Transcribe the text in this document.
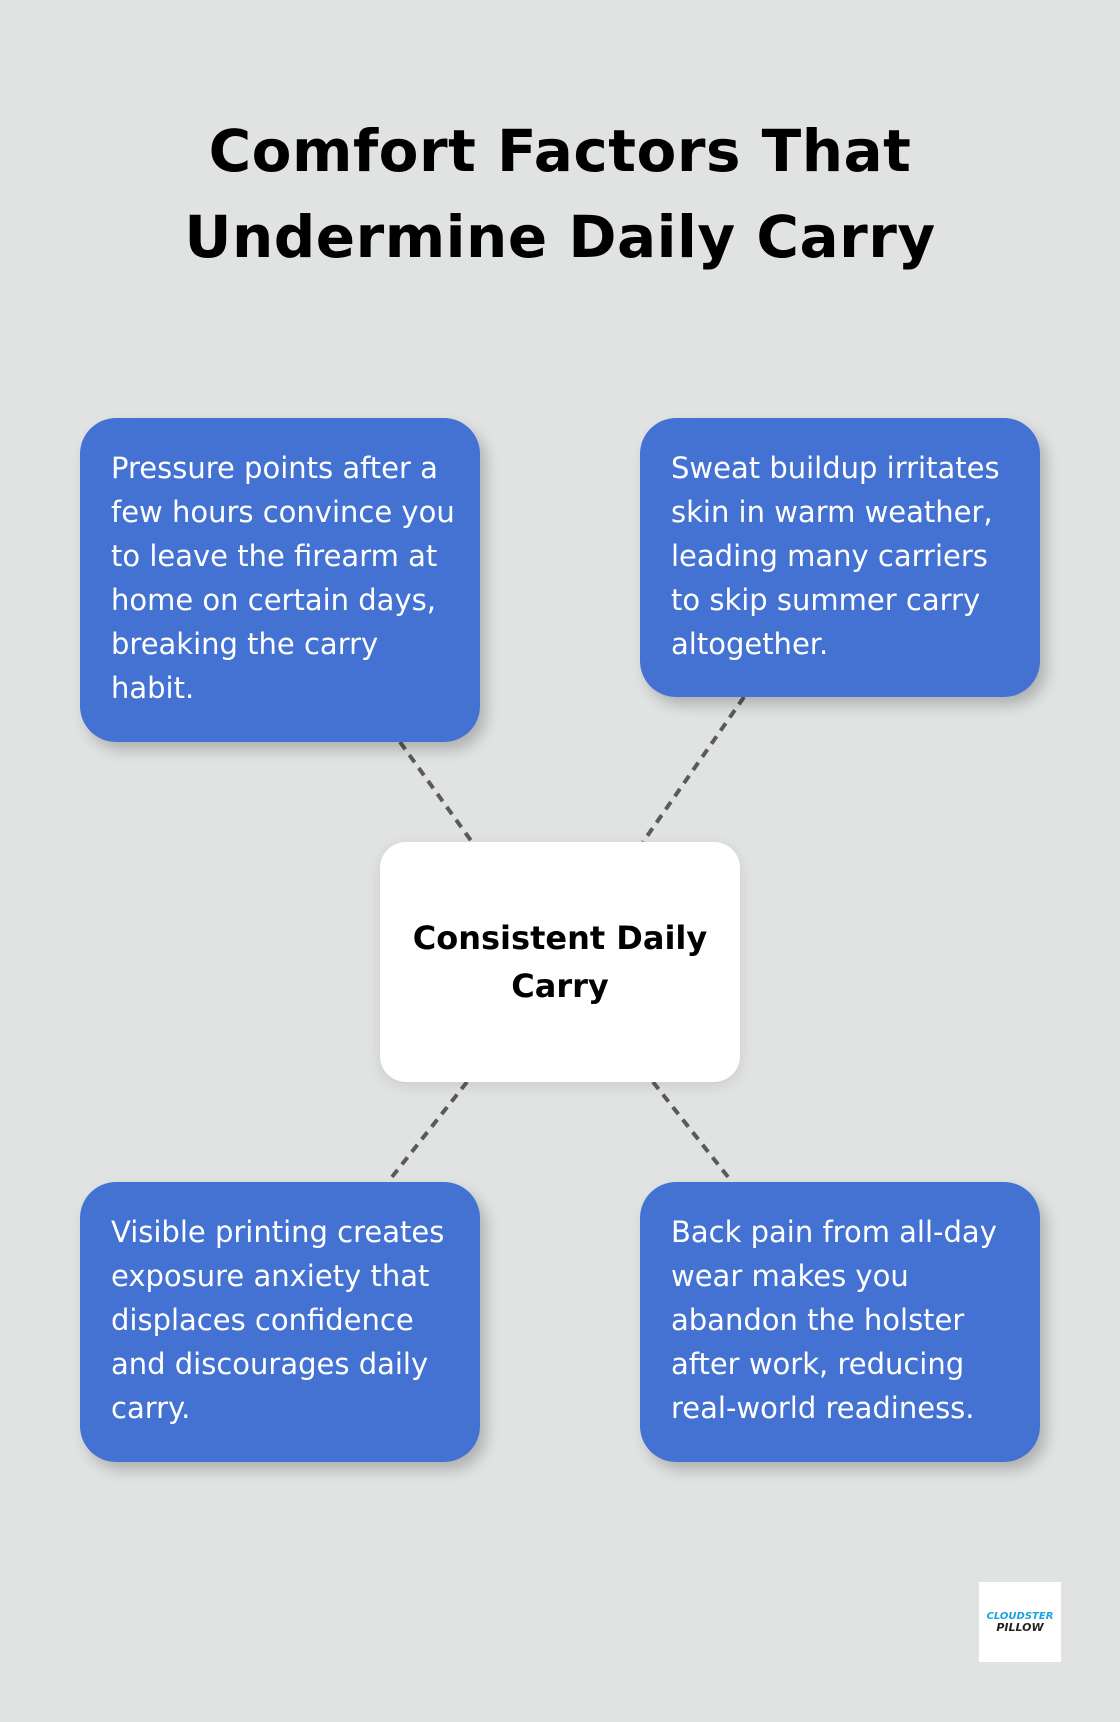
Comfort Factors That
Undermine Daily Carry
Pressure points after a few hours convince you to leave the firearm at home on certain days, breaking the carry habit.
Sweat buildup irritates skin in warm weather, leading many carriers to skip summer carry altogether.
Consistent Daily Carry
Visible printing creates exposure anxiety that displaces confidence and discourages daily carry.
Back pain from all-day wear makes you abandon the holster after work, reducing real-world readiness.
CLOUDSTER
PILLOW
